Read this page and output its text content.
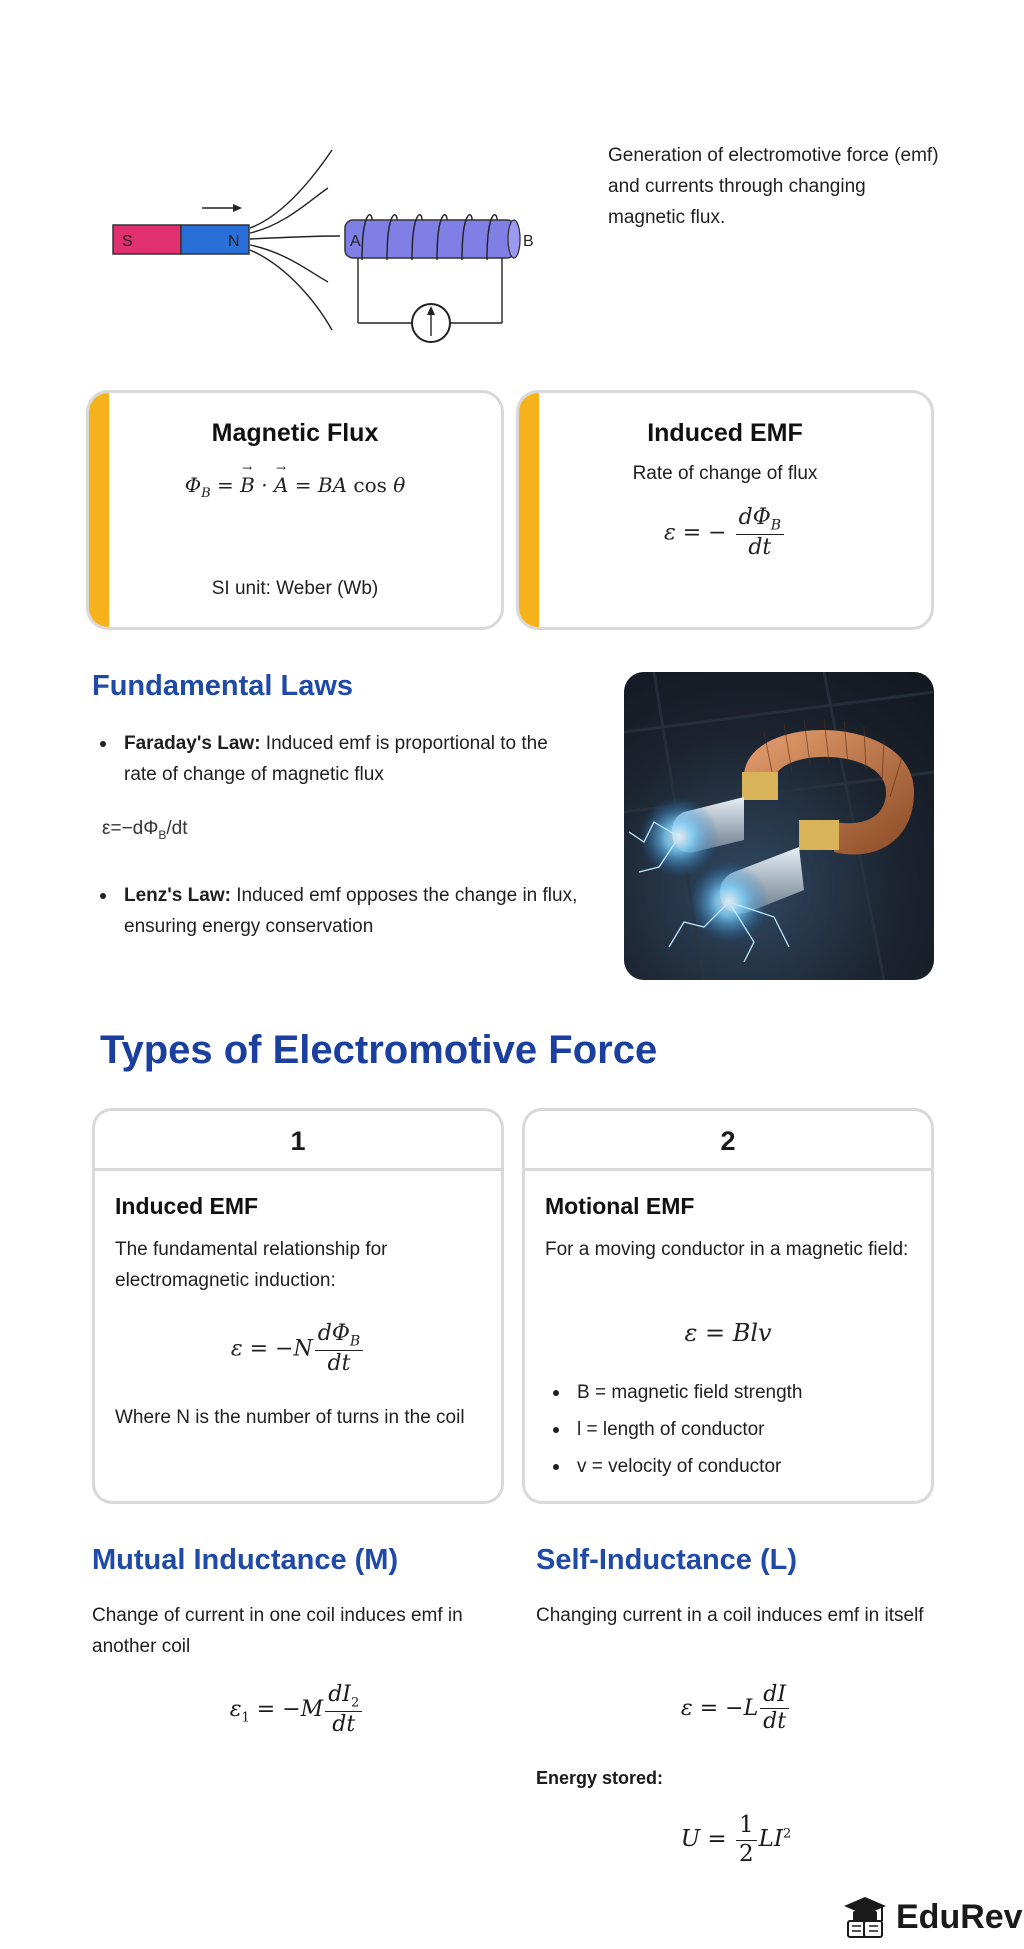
S	N	A	B
Generation of electromotive force (emf) and currents through changing magnetic flux.
Magnetic Flux
$\Phi_B = B$
→
· A
→
= BA cos θ
SI unit: Weber (Wb)
Induced EMF
Rate of change of flux
ε = − $\frac{d\Phi_B}{dt}$
Fundamental Laws
Faraday's Law: Induced emf is proportional to the rate of change of magnetic flux
$\varepsilon=-d\Phi_B/dt$
Lenz's Law: Induced emf opposes the change in flux, ensuring energy conservation
Types of Electromotive Force
1
Induced EMF
The fundamental relationship for electromagnetic induction:
$\varepsilon = -N \frac{d\Phi_B}{dt}$
Where N is the number of turns in the coil
2
Motional EMF
For a moving conductor in a magnetic field:
ε = Blv
B = magnetic field strength
l = length of conductor
v = velocity of conductor
Mutual Inductance (M)
Change of current in one coil induces emf in another coil
$\varepsilon_1 = -M \frac{dI_2}{dt}$
Self-Inductance (L)
Changing current in a coil induces emf in itself
$\varepsilon = -L \frac{dI}{dt}$
Energy stored:
$U = \frac{1}{2} LI^2$
EduRev
